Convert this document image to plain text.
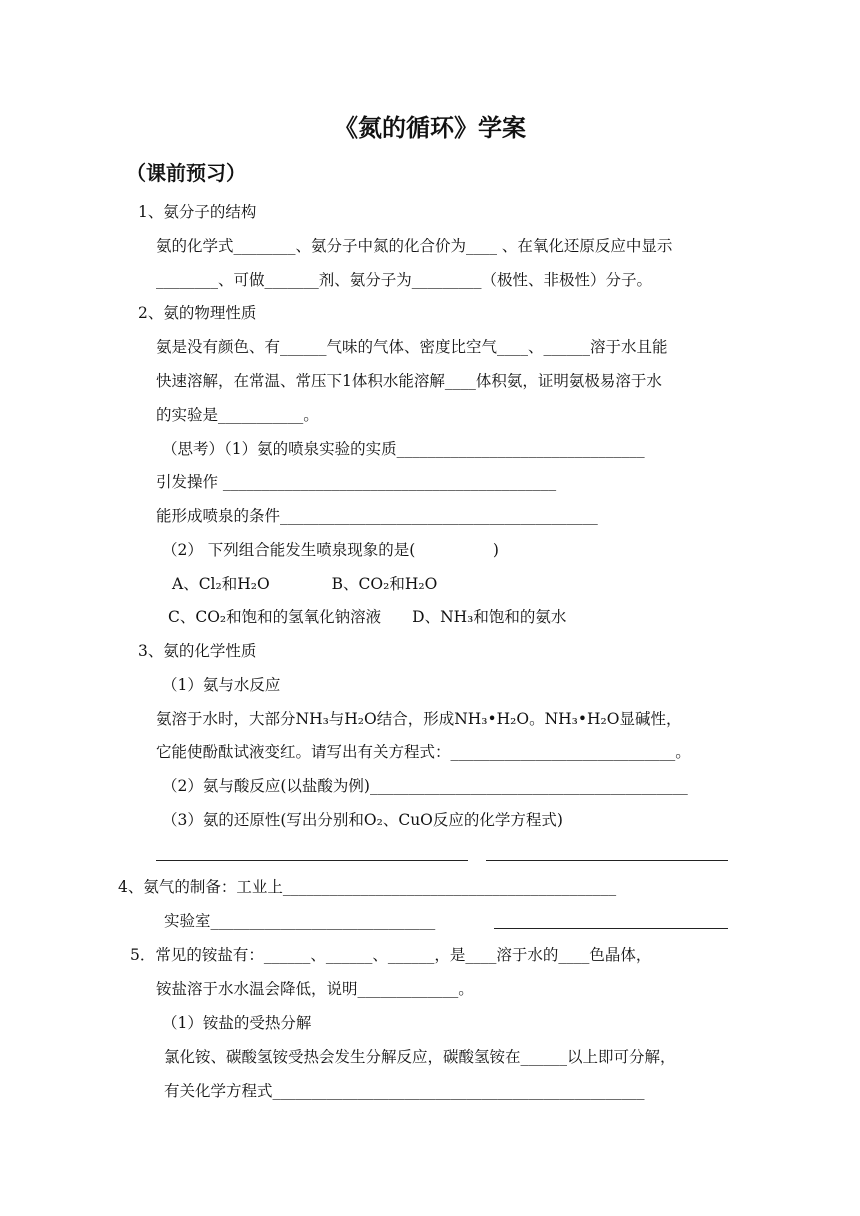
《氮的循环》学案
（课前预习）
1、氨分子的结构
氨的化学式________、氨分子中氮的化合价为____ 、在氧化还原反应中显示
________、可做_______剂、氨分子为_________（极性、非极性）分子。
2、氨的物理性质
氨是没有颜色、有______气味的气体、密度比空气____、______溶于水且能
快速溶解，在常温、常压下1体积水能溶解____体积氨，证明氨极易溶于水
的实验是___________。
（思考）（1）氨的喷泉实验的实质________________________________
引发操作 ___________________________________________
能形成喷泉的条件_________________________________________
（2） 下列组合能发生喷泉现象的是(　　　　　)
A、Cl₂和H₂O　　　　B、CO₂和H₂O
C、CO₂和饱和的氢氧化钠溶液　　D、NH₃和饱和的氨水
3、氨的化学性质
（1）氨与水反应
氨溶于水时，大部分NH₃与H₂O结合，形成NH₃•H₂O。NH₃•H₂O显碱性，
它能使酚酞试液变红。请写出有关方程式：_____________________________。
（2）氨与酸反应(以盐酸为例)_________________________________________
（3）氨的还原性(写出分别和O₂、CuO反应的化学方程式)
4、氨气的制备：工业上___________________________________________
实验室_____________________________
5．常见的铵盐有：______、______、______，是____溶于水的____色晶体，
铵盐溶于水水温会降低，说明_____________。
（1）铵盐的受热分解
氯化铵、碳酸氢铵受热会发生分解反应，碳酸氢铵在______以上即可分解，
有关化学方程式________________________________________________
